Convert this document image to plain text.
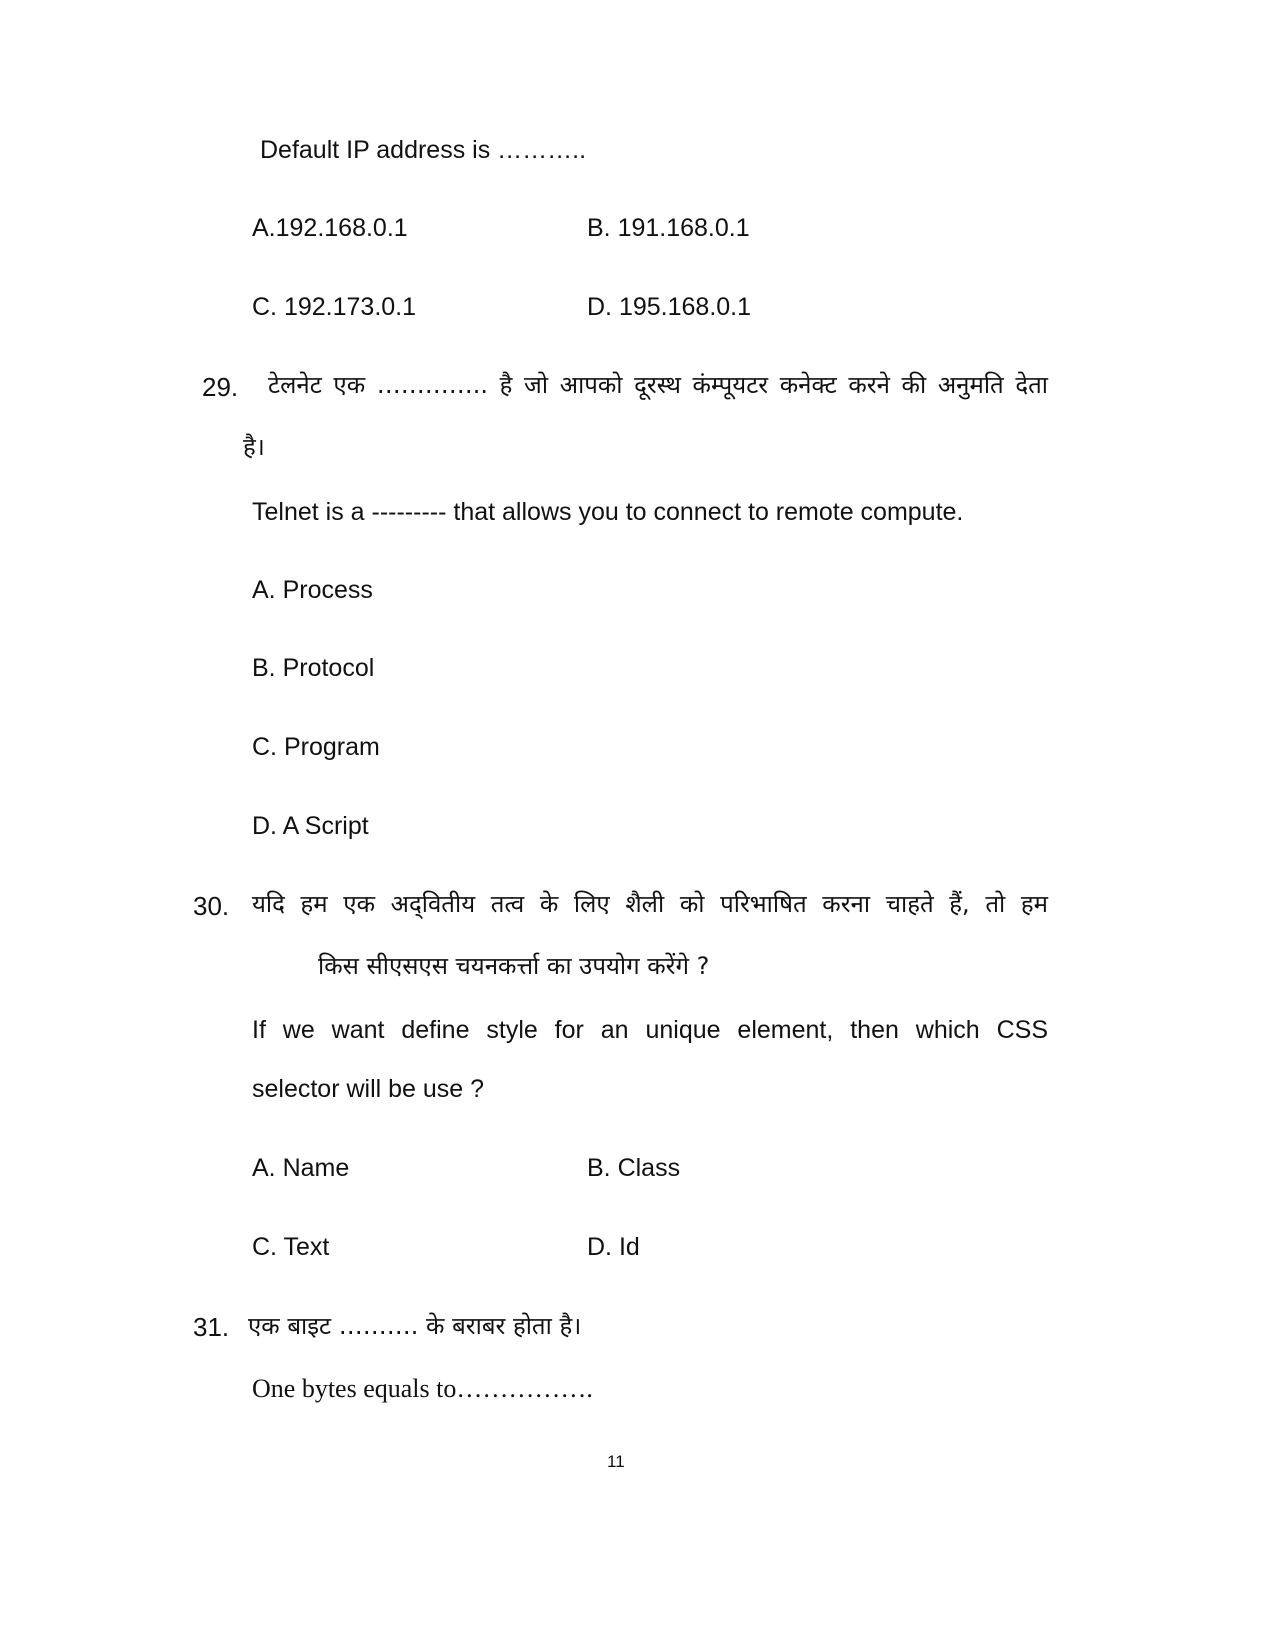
Default IP address is ………..
A.192.168.0.1	B. 191.168.0.1
C. 192.173.0.1	D. 195.168.0.1
29. टेलनेट एक ………….. है जो आपको दूरस्थ कंम्पूयटर कनेक्ट करने की अनुमति देता
है।
Telnet is a --------- that allows you to connect to remote compute.
A. Process
B. Protocol
C. Program
D. A Script
30. यदि हम एक अद्‌वितीय तत्व के लिए शैली को परिभाषित करना चाहते हैं, तो हम
किस सीएसएस चयनकर्त्ता का उपयोग करेंगे ?
If we want define style for an unique element, then which CSS
selector will be use ?
A. Name	B. Class
C. Text	D. Id
31. एक बाइट ………. के बराबर होता है।
One bytes equals to…………….
11
